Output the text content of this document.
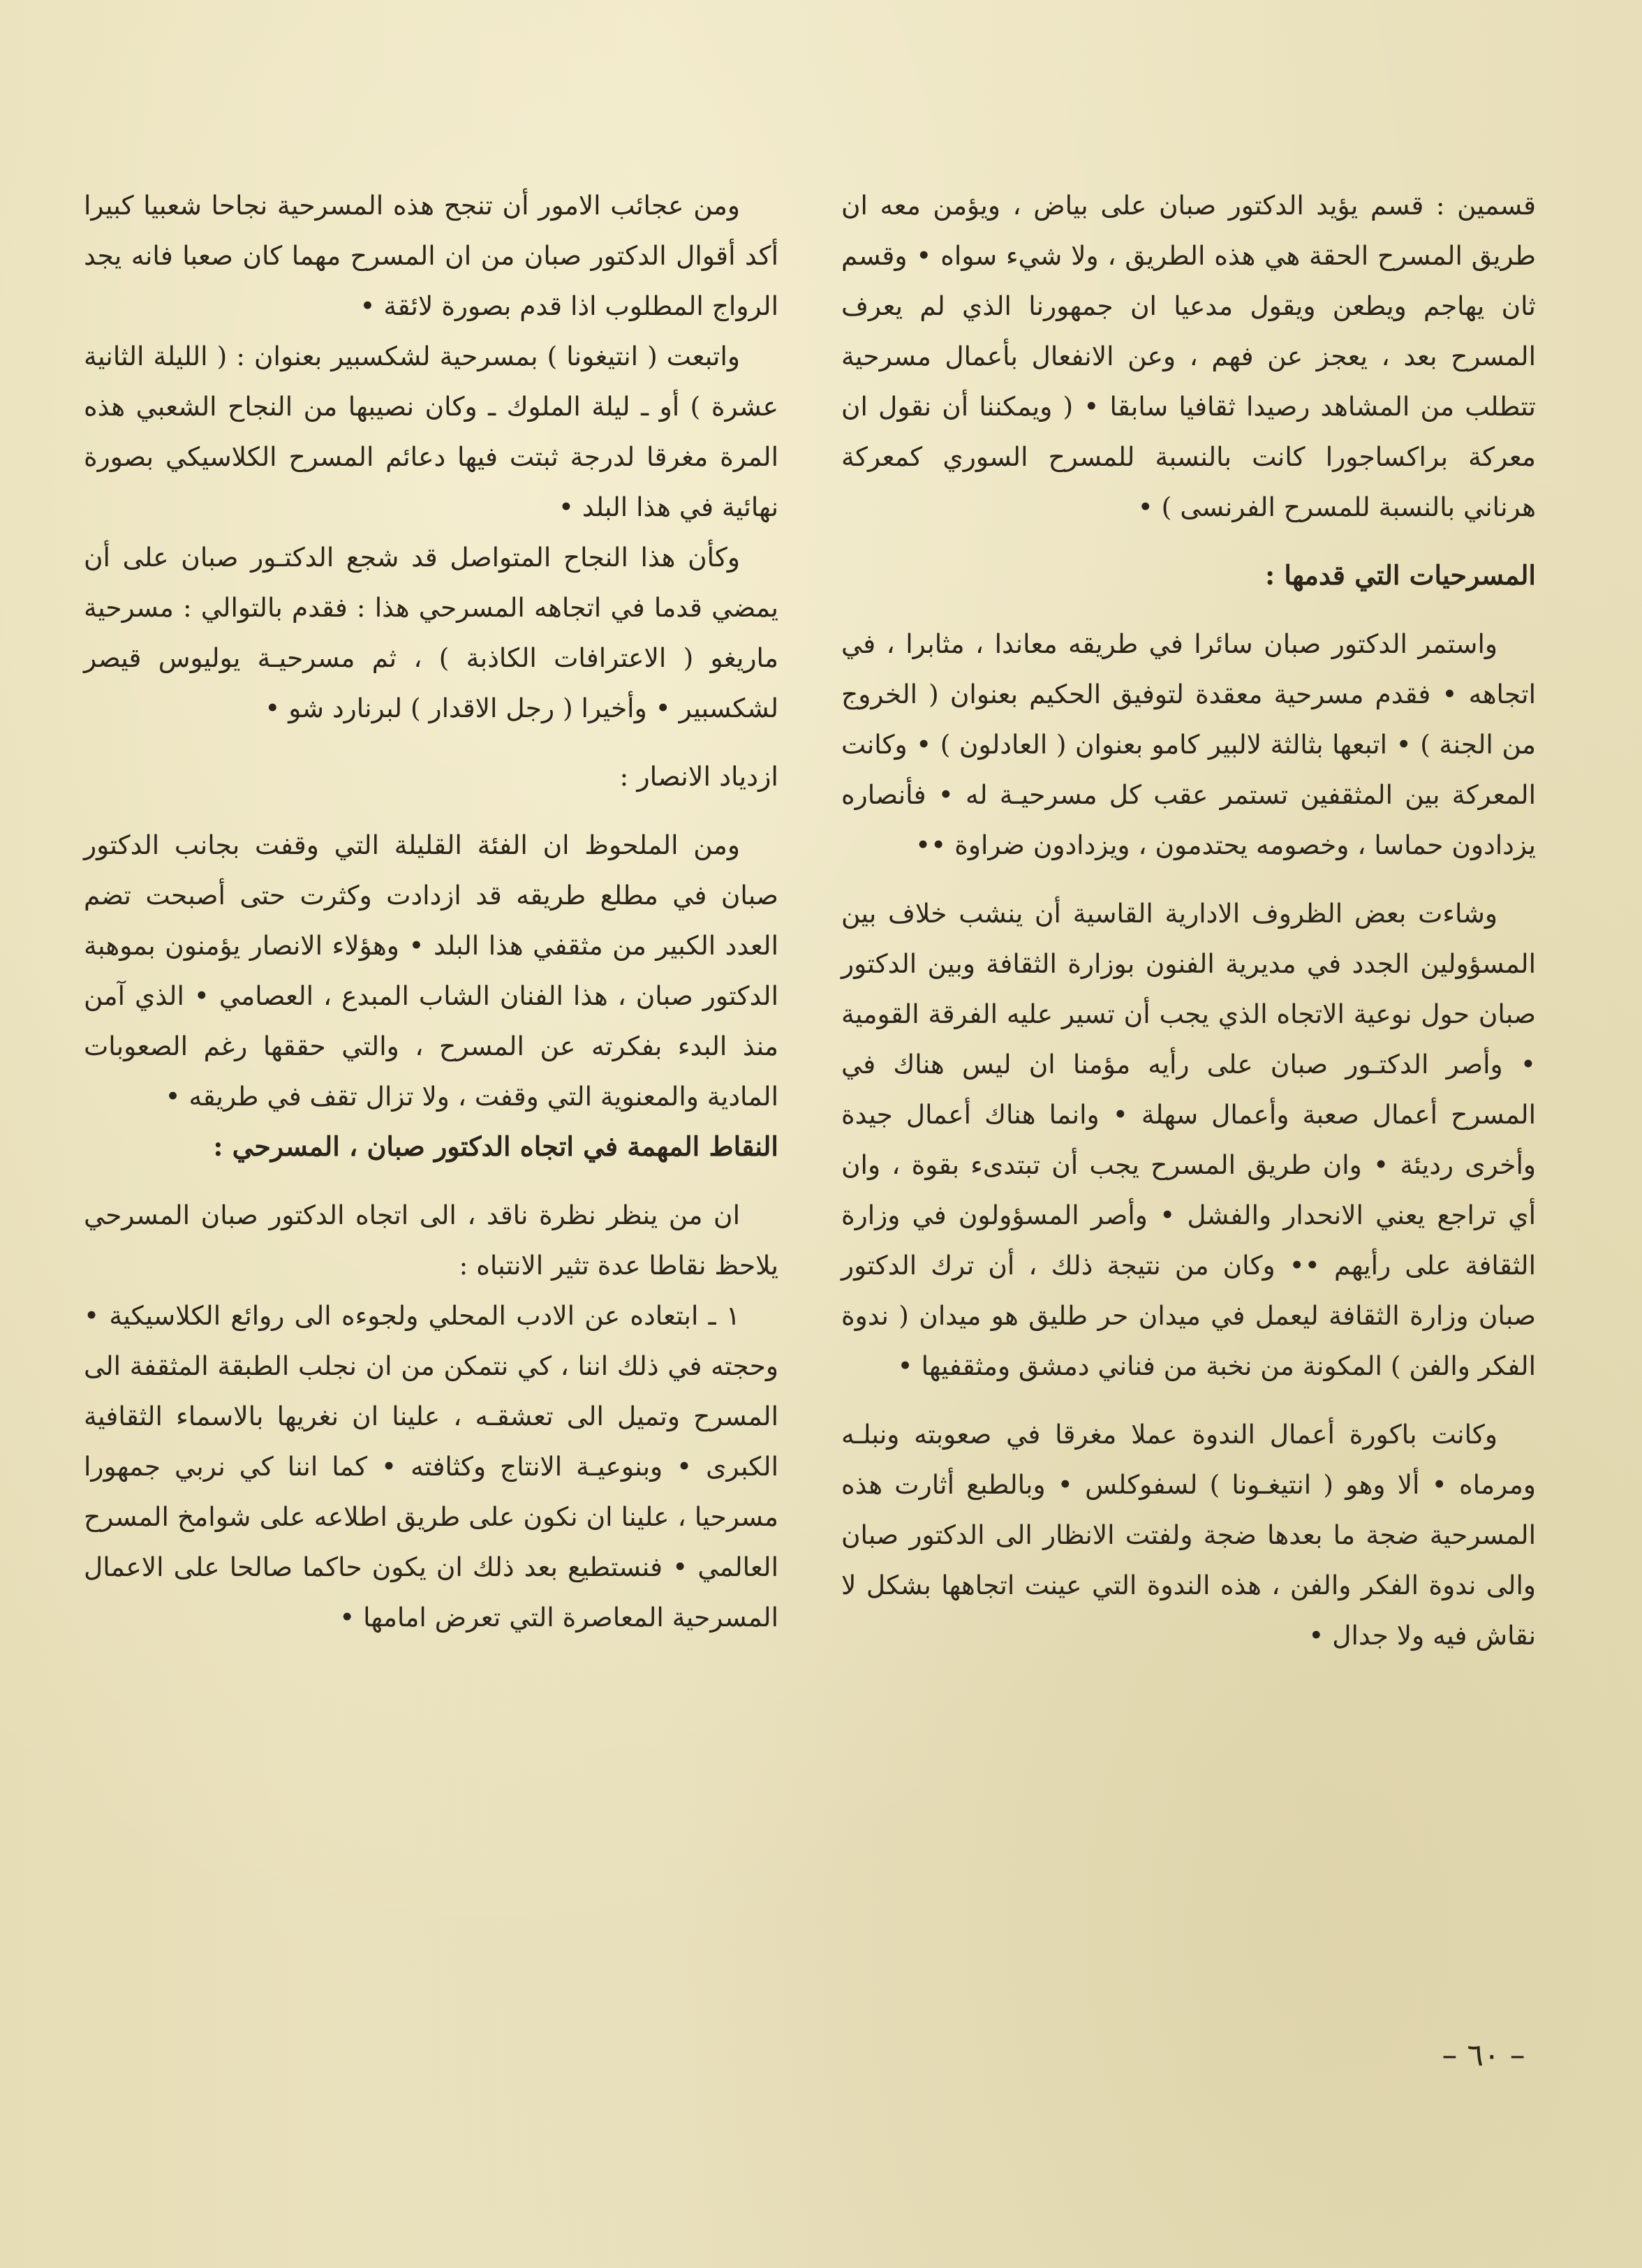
قسمين : قسم يؤيد الدكتور صبان على بياض ، ويؤمن معه ان طريق المسرح الحقة هي هذه الطريق ، ولا شيء سواه • وقسم ثان يهاجم ويطعن ويقول مدعيا ان جمهورنا الذي لم يعرف المسرح بعد ، يعجز عن فهم ، وعن الانفعال بأعمال مسرحية تتطلب من المشاهد رصيدا ثقافيا سابقا • ( ويمكننا أن نقول ان معركة براكساجورا كانت بالنسبة للمسرح السوري كمعركة هرناني بالنسبة للمسرح الفرنسى ) •

المسرحيات التي قدمها :

واستمر الدكتور صبان سائرا في طريقه معاندا ، مثابرا ، في اتجاهه • فقدم مسرحية معقدة لتوفيق الحكيم بعنوان ( الخروج من الجنة ) • اتبعها بثالثة لالبير كامو بعنوان ( العادلون ) • وكانت المعركة بين المثقفين تستمر عقب كل مسرحيـة له • فأنصاره يزدادون حماسا ، وخصومه يحتدمون ، ويزدادون ضراوة ••

وشاءت بعض الظروف الادارية القاسية أن ينشب خلاف بين المسؤولين الجدد في مديرية الفنون بوزارة الثقافة وبين الدكتور صبان حول نوعية الاتجاه الذي يجب أن تسير عليه الفرقة القومية • وأصر الدكتـور صبان على رأيه مؤمنا ان ليس هناك في المسرح أعمال صعبة وأعمال سهلة • وانما هناك أعمال جيدة وأخرى رديئة • وان طريق المسرح يجب أن تبتدىء بقوة ، وان أي تراجع يعني الانحدار والفشل • وأصر المسؤولون في وزارة الثقافة على رأيهم •• وكان من نتيجة ذلك ، أن ترك الدكتور صبان وزارة الثقافة ليعمل في ميدان حر طليق هو ميدان ( ندوة الفكر والفن ) المكونة من نخبة من فناني دمشق ومثقفيها •

وكانت باكورة أعمال الندوة عملا مغرقا في صعوبته ونبلـه ومرماه • ألا وهو ( انتيغـونا ) لسفوكلس • وبالطبع أثارت هذه المسرحية ضجة ما بعدها ضجة ولفتت الانظار الى الدكتور صبان والى ندوة الفكر والفن ، هذه الندوة التي عينت اتجاهها بشكل لا نقاش فيه ولا جدال •

ومن عجائب الامور أن تنجح هذه المسرحية نجاحا شعبيا كبيرا أكد أقوال الدكتور صبان من ان المسرح مهما كان صعبا فانه يجد الرواج المطلوب اذا قدم بصورة لائقة •

واتبعت ( انتيغونا ) بمسرحية لشكسبير بعنوان : ( الليلة الثانية عشرة ) أو ـ ليلة الملوك ـ وكان نصيبها من النجاح الشعبي هذه المرة مغرقا لدرجة ثبتت فيها دعائم المسرح الكلاسيكي بصورة نهائية في هذا البلد •

وكأن هذا النجاح المتواصل قد شجع الدكتـور صبان على أن يمضي قدما في اتجاهه المسرحي هذا : فقدم بالتوالي : مسرحية ماريغو ( الاعترافات الكاذبة ) ، ثم مسرحيـة يوليوس قيصر لشكسبير • وأخيرا ( رجل الاقدار ) لبرنارد شو •

ازدياد الانصار :

ومن الملحوظ ان الفئة القليلة التي وقفت بجانب الدكتور صبان في مطلع طريقه قد ازدادت وكثرت حتى أصبحت تضم العدد الكبير من مثقفي هذا البلد • وهؤلاء الانصار يؤمنون بموهبة الدكتور صبان ، هذا الفنان الشاب المبدع ، العصامي • الذي آمن منذ البدء بفكرته عن المسرح ، والتي حققها رغم الصعوبات المادية والمعنوية التي وقفت ، ولا تزال تقف في طريقه •

النقاط المهمة في اتجاه الدكتور صبان ، المسرحي :

ان من ينظر نظرة ناقد ، الى اتجاه الدكتور صبان المسرحي يلاحظ نقاطا عدة تثير الانتباه :

١ ـ ابتعاده عن الادب المحلي ولجوءه الى روائع الكلاسيكية • وحجته في ذلك اننا ، كي نتمكن من ان نجلب الطبقة المثقفة الى المسرح وتميل الى تعشقـه ، علينا ان نغريها بالاسماء الثقافية الكبرى • وبنوعيـة الانتاج وكثافته • كما اننا كي نربي جمهورا مسرحيا ، علينا ان نكون على طريق اطلاعه على شوامخ المسرح العالمي • فنستطيع بعد ذلك ان يكون حاكما صالحا على الاعمال المسرحية المعاصرة التي تعرض امامها •

– ٦٠ –
